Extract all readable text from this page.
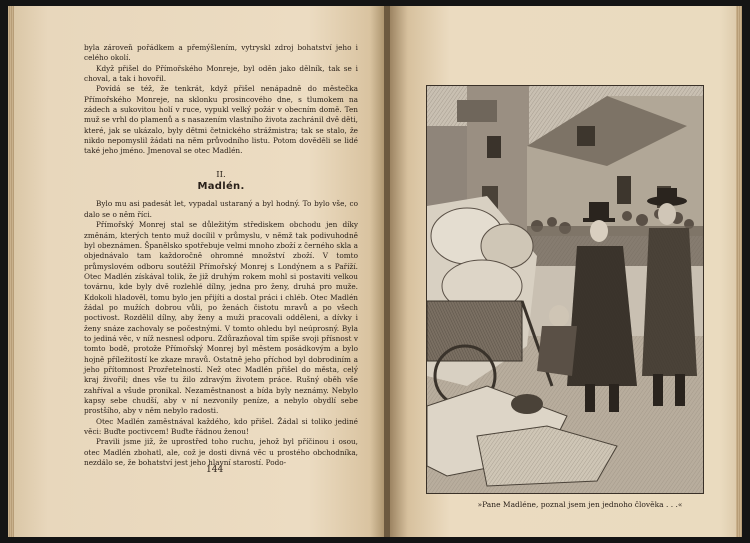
byla zároveň pořádkem a přemýšlením, vytryskl zdroj bohatství jeho i celého okolí.

Když přišel do Přímořského Monreje, byl oděn jako dělník, tak se i choval, a tak i hovořil.

Povídá se též, že tenkrát, když přišel nenápadně do městečka Přímořského Monreje, na sklonku prosincového dne, s tlumokem na zádech a sukovitou holí v ruce, vypukl velký požár v obecním domě. Ten muž se vrhl do plamenů a s nasazením vlastního života zachránil dvě děti, které, jak se ukázalo, byly dětmi četnického strážmistra; tak se stalo, že nikdo nepomyslil žádati na něm průvodního listu. Potom dověděli se lidé také jeho jméno. Jmenoval se otec Madlén.

II.
Madlén.

Bylo mu asi padesát let, vypadal ustaraný a byl hodný. To bylo vše, co dalo se o něm říci.

Přímořský Monrej stal se důležitým střediskem obchodu jen díky změnám, kterých tento muž docílil v průmyslu, v němž tak podivuhodně byl obeznámen. Španělsko spotřebuje velmi mnoho zboží z černého skla a objednávalo tam každoročně ohromné množství zboží. V tomto průmyslovém odboru soutěžil Přímořský Monrej s Londýnem a s Paříží. Otec Madlén získával tolik, že již druhým rokem mohl si postaviti velkou továrnu, kde byly dvě rozlehlé dílny, jedna pro ženy, druhá pro muže. Kdokoli hladověl, tomu bylo jen přijíti a dostal práci i chléb. Otec Madlén žádal po mužích dobrou vůli, po ženách čistotu mravů a po všech poctivost. Rozdělil dílny, aby ženy a muži pracovali odděleni, a dívky i ženy snáze zachovaly se počestnými. V tomto ohledu byl neúprosný. Byla to jediná věc, v níž nesnesl odporu. Zdůrazňoval tím spíše svoji přísnost v tomto bodě, protože Přímořský Monrej byl městem posádkovým a bylo hojně příležitostí ke zkaze mravů. Ostatně jeho příchod byl dobrodiním a jeho přítomnost Prozřetelností. Než otec Madlén přišel do města, celý kraj živořil; dnes vše tu žilo zdravým životem práce. Rušný oběh vše zahříval a všude pronikal. Nezaměstnanost a bída byly neznámy. Nebylo kapsy sebe chudší, aby v ní nezvonily peníze, a nebylo obydlí sebe prostšího, aby v něm nebylo radosti.

Otec Madlén zaměstnával každého, kdo přišel. Žádal si toliko jediné věci: Buďte poctivcem! Buďte řádnou ženou!

Pravili jsme již, že uprostřed toho ruchu, jehož byl příčinou i osou, otec Madlén zbohatl, ale, což je dosti divná věc u prostého obchodníka, nezdálo se, že bohatství jest jeho hlavní starostí. Podo-

144
»Pane Madléne, poznal jsem jen jednoho člověka . . .«
